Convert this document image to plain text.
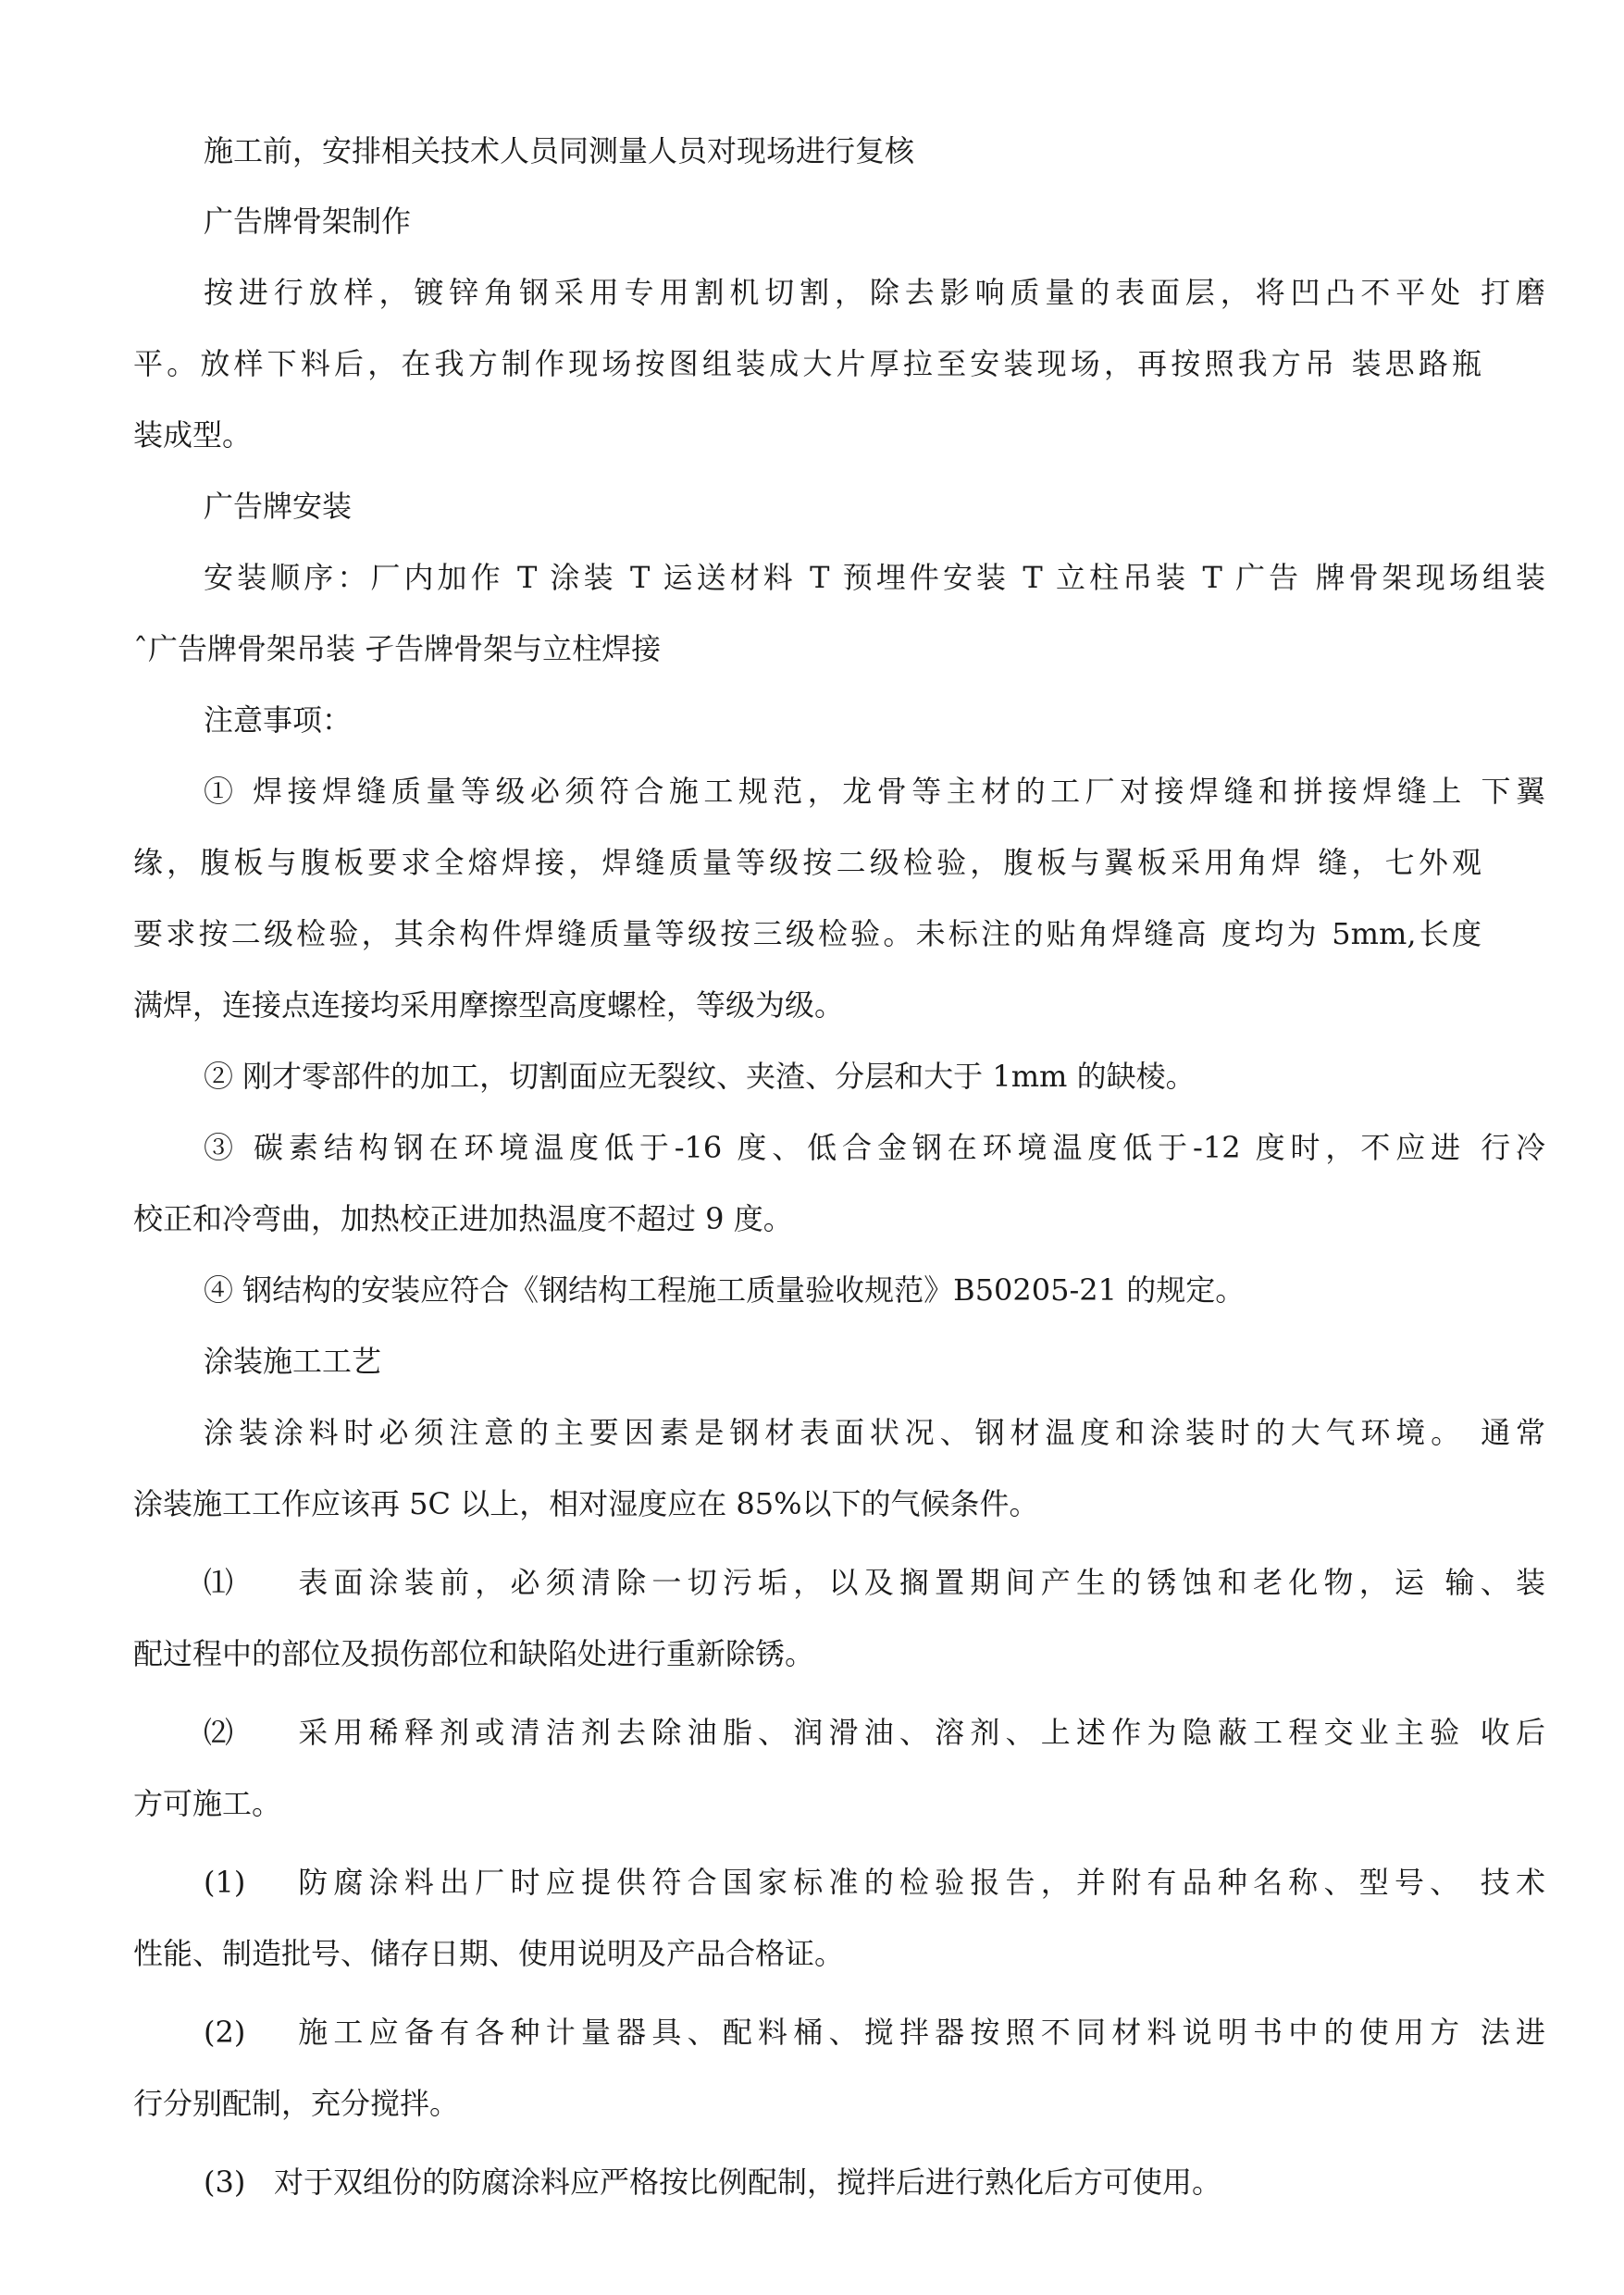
施工前，安排相关技术人员同测量人员对现场进行复核
广告牌骨架制作
按进行放样，镀锌角钢采用专用割机切割，除去影响质量的表面层，将凹凸不平处 打磨
平。放样下料后，在我方制作现场按图组装成大片厚拉至安装现场，再按照我方吊 装思路瓶
装成型。
广告牌安装
安装顺序：厂内加作 T 涂装 T 运送材料 T 预埋件安装 T 立柱吊装 T 广告 牌骨架现场组装
ˆ广告牌骨架吊装 孑告牌骨架与立柱焊接
注意事项：
① 焊接焊缝质量等级必须符合施工规范，龙骨等主材的工厂对接焊缝和拼接焊缝上 下翼
缘，腹板与腹板要求全熔焊接，焊缝质量等级按二级检验，腹板与翼板采用角焊 缝，七外观
要求按二级检验，其余构件焊缝质量等级按三级检验。未标注的贴角焊缝高 度均为 5mm,长度
满焊，连接点连接均采用摩擦型高度螺栓，等级为级。
② 刚才零部件的加工，切割面应无裂纹、夹渣、分层和大于 1mm 的缺棱。
③ 碳素结构钢在环境温度低于-16 度、低合金钢在环境温度低于-12 度时，不应进 行冷
校正和冷弯曲，加热校正进加热温度不超过 9 度。
④ 钢结构的安装应符合《钢结构工程施工质量验收规范》B50205-21 的规定。
涂装施工工艺
涂装涂料时必须注意的主要因素是钢材表面状况、钢材温度和涂装时的大气环境。 通常
涂装施工工作应该再 5C 以上，相对湿度应在 85%以下的气候条件。
⑴ 表面涂装前，必须清除一切污垢，以及搁置期间产生的锈蚀和老化物，运 输、装
配过程中的部位及损伤部位和缺陷处进行重新除锈。
⑵ 采用稀释剂或清洁剂去除油脂、润滑油、溶剂、上述作为隐蔽工程交业主验 收后
方可施工。
(1) 防腐涂料出厂时应提供符合国家标准的检验报告，并附有品种名称、型号、 技术
性能、制造批号、储存日期、使用说明及产品合格证。
(2) 施工应备有各种计量器具、配料桶、搅拌器按照不同材料说明书中的使用方 法进
行分别配制，充分搅拌。
(3) 对于双组份的防腐涂料应严格按比例配制，搅拌后进行熟化后方可使用。
